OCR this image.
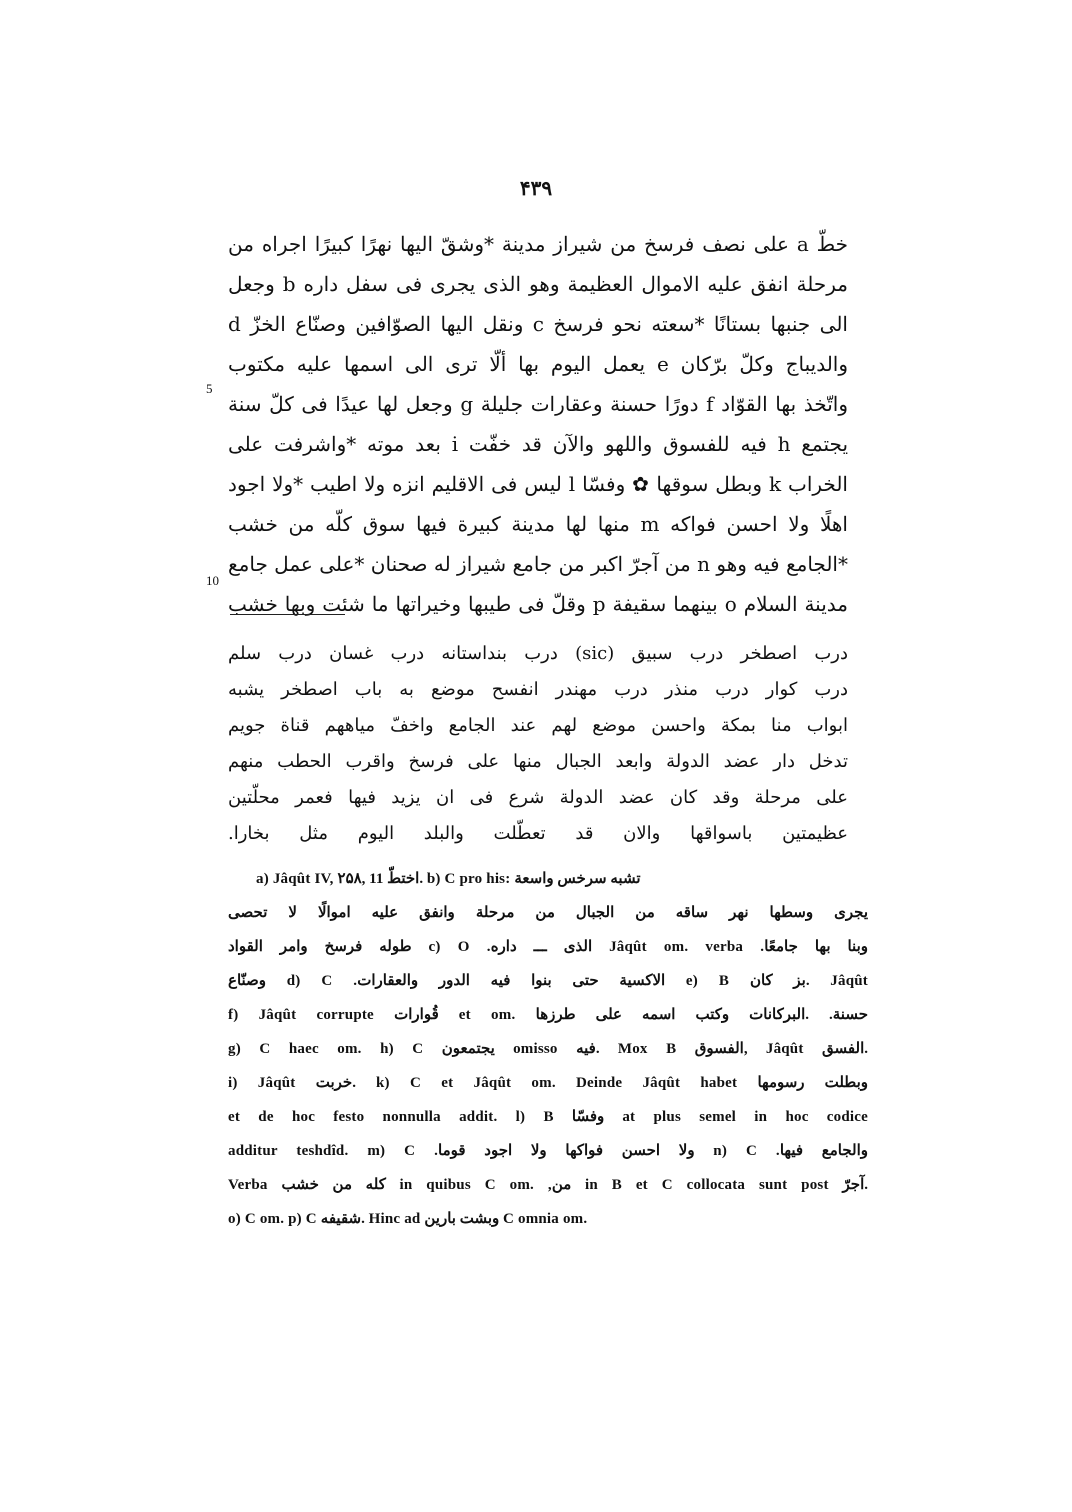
۴۳۹
خطّ a على نصف فرسخ من شيراز مدينة *وشقّ اليها نهرًا كبيرًا اجراه من
مرحلة انفق عليه الاموال العظيمة وهو الذى يجرى فى سفل داره b وجعل
الى جنبها بستانًا *سعته نحو فرسخ c ونقل اليها الصوّافين وصنّاع الخزّ d
والديباج وكلّ برّكان e يعمل اليوم بها ألّا ترى الى اسمها عليه مكتوب
واتّخذ بها القوّاد f دورًا حسنة وعقارات جليلة g وجعل لها عيدًا فى كلّ سنة
يجتمع h فيه للفسوق واللهو والآن قد خفّت i بعد موته *واشرفت على
الخراب k وبطل سوقها ✿ وفسّا l ليس فى الاقليم انزه ولا اطيب *ولا اجود
اهلًا ولا احسن فواكه m منها لها مدينة كبيرة فيها سوق كلّه من خشب
*الجامع فيه وهو n من آجرّ اكبر من جامع شيراز له صحنان *على عمل جامع
مدينة السلام o بينهما سقيفة p وقلّ فى طيبها وخيراتها ما شئت وبها خشب
5
10
درب اصطخر درب سبيق (sic) درب بنداستانه درب غسان درب سلم
درب كوار درب منذر درب مهندر انفسح موضع به باب اصطخر يشبه
ابواب منا بمكة واحسن موضع لهم عند الجامع واخفّ مياههم قناة جويم
تدخل دار عضد الدولة وابعد الجبال منها على فرسخ واقرب الحطب منهم
على مرحلة وقد كان عضد الدولة شرع فى ان يزيد فيها فعمر محلّتين
عظيمتين باسواقها والان قد تعطّلت والبلد اليوم مثل بخارا.
a) Jâqût IV, ۲۵۸, 11 اختطّ. b) C pro his: تشبه سرخس واسعة
يجرى وسطها نهر ساقه من الجبال من مرحلة وانفق عليه اموالًا لا تحصى
طوله فرسخ وامر القواد c) O .الذى ـــ داره Jâqût om. verba .وبنا بها جامعًا
وصنّاع d) C .الاكسية حتى بنوا فيه الدور والعقارات e) B بز كان. Jâqût
f) Jâqût corrupte قُوارات et om. حسنة. .البركانات وكتب اسمه على طرزها
g) C haec om. h) C يجتمعون omisso فيه. Mox B الفسوق, Jâqût الفسق.
i) Jâqût خربت. k) C et Jâqût om. Deinde Jâqût habet وبطلت رسومها
et de hoc festo nonnulla addit. l) B وفسّا at plus semel in hoc codice
additur teshdîd. m) C .ولا احسن فواكها ولا اجود قوما n) C .والجامع فيها
Verba كله من خشب in quibus C om. ,من in B et C collocata sunt post آجرّ.
o) C om. p) C شقيفه. Hinc ad وبشت بارين C omnia om.
